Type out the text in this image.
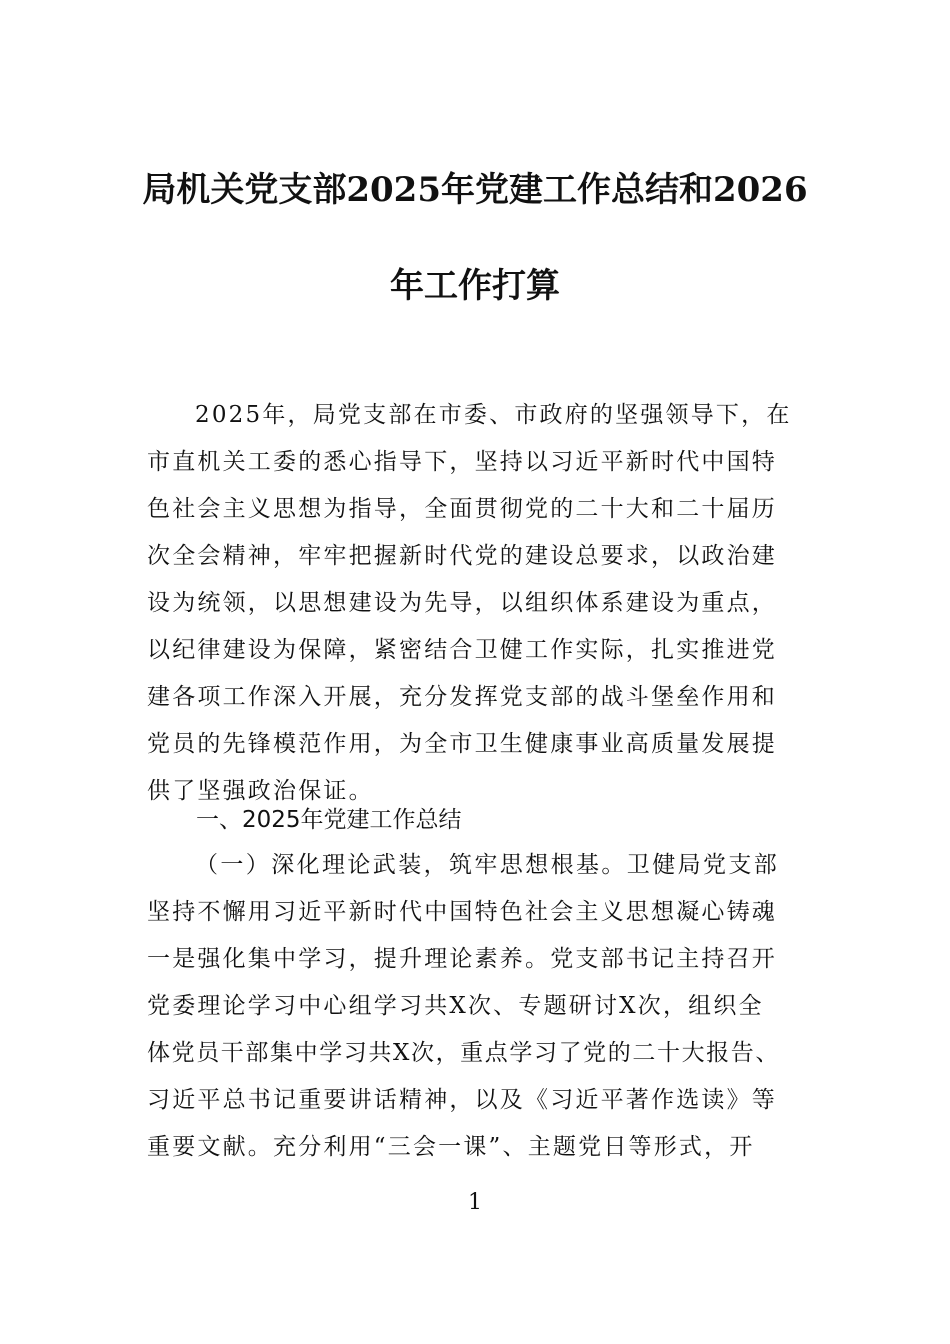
局机关党支部2025年党建工作总结和2026
年工作打算
2025年，局党支部在市委、市政府的坚强领导下，在
市直机关工委的悉心指导下，坚持以习近平新时代中国特
色社会主义思想为指导，全面贯彻党的二十大和二十届历
次全会精神，牢牢把握新时代党的建设总要求，以政治建
设为统领，以思想建设为先导，以组织体系建设为重点，
以纪律建设为保障，紧密结合卫健工作实际，扎实推进党
建各项工作深入开展，充分发挥党支部的战斗堡垒作用和
党员的先锋模范作用，为全市卫生健康事业高质量发展提
供了坚强政治保证。
一、2025年党建工作总结
（一）深化理论武装，筑牢思想根基。卫健局党支部
坚持不懈用习近平新时代中国特色社会主义思想凝心铸魂
一是强化集中学习，提升理论素养。党支部书记主持召开
党委理论学习中心组学习共X次、专题研讨X次，组织全
体党员干部集中学习共X次，重点学习了党的二十大报告、
习近平总书记重要讲话精神，以及《习近平著作选读》等
重要文献。充分利用“三会一课”、主题党日等形式，开
1
